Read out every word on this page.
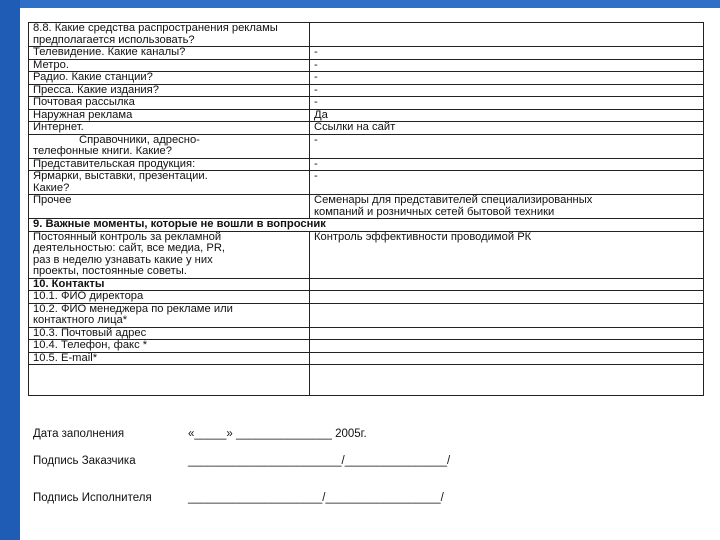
8.8. Какие средства распространения рекламы
предполагается использовать?	

Телевидение. Какие каналы?	-
Метро.	-
Радио. Какие станции?	-
Пресса. Какие издания?	-
Почтовая рассылка	-
Наружная реклама	Да
Интернет.	Ссылки на сайт

Справочники, адресно-
телефонные книги. Какие?	-
Представительская продукция:	-

Ярмарки, выставки, презентации.
Какие?	-
Прочее	Семенары для представителей специализированных
компаний и розничных сетей бытовой техники

9. Важные моменты, которые не вошли в вопросник	

Постоянный контроль за рекламной
деятельностью: сайт, все медиа, PR,
раз в неделю узнавать какие у них
проекты, постоянные советы.	Контроль эффективности проводимой РК
10. Контакты	
10.1. ФИО директора	

10.2. ФИО менеджера по рекламе или
контактного лица*	

10.3. Почтовый адрес	
10.4. Телефон, факс *	
10.5. E-mail*	

Дата заполнения	«_____» _______________ 2005г.
Подпись Заказчика	________________________/________________/
Подпись Исполнителя	_____________________/__________________/
